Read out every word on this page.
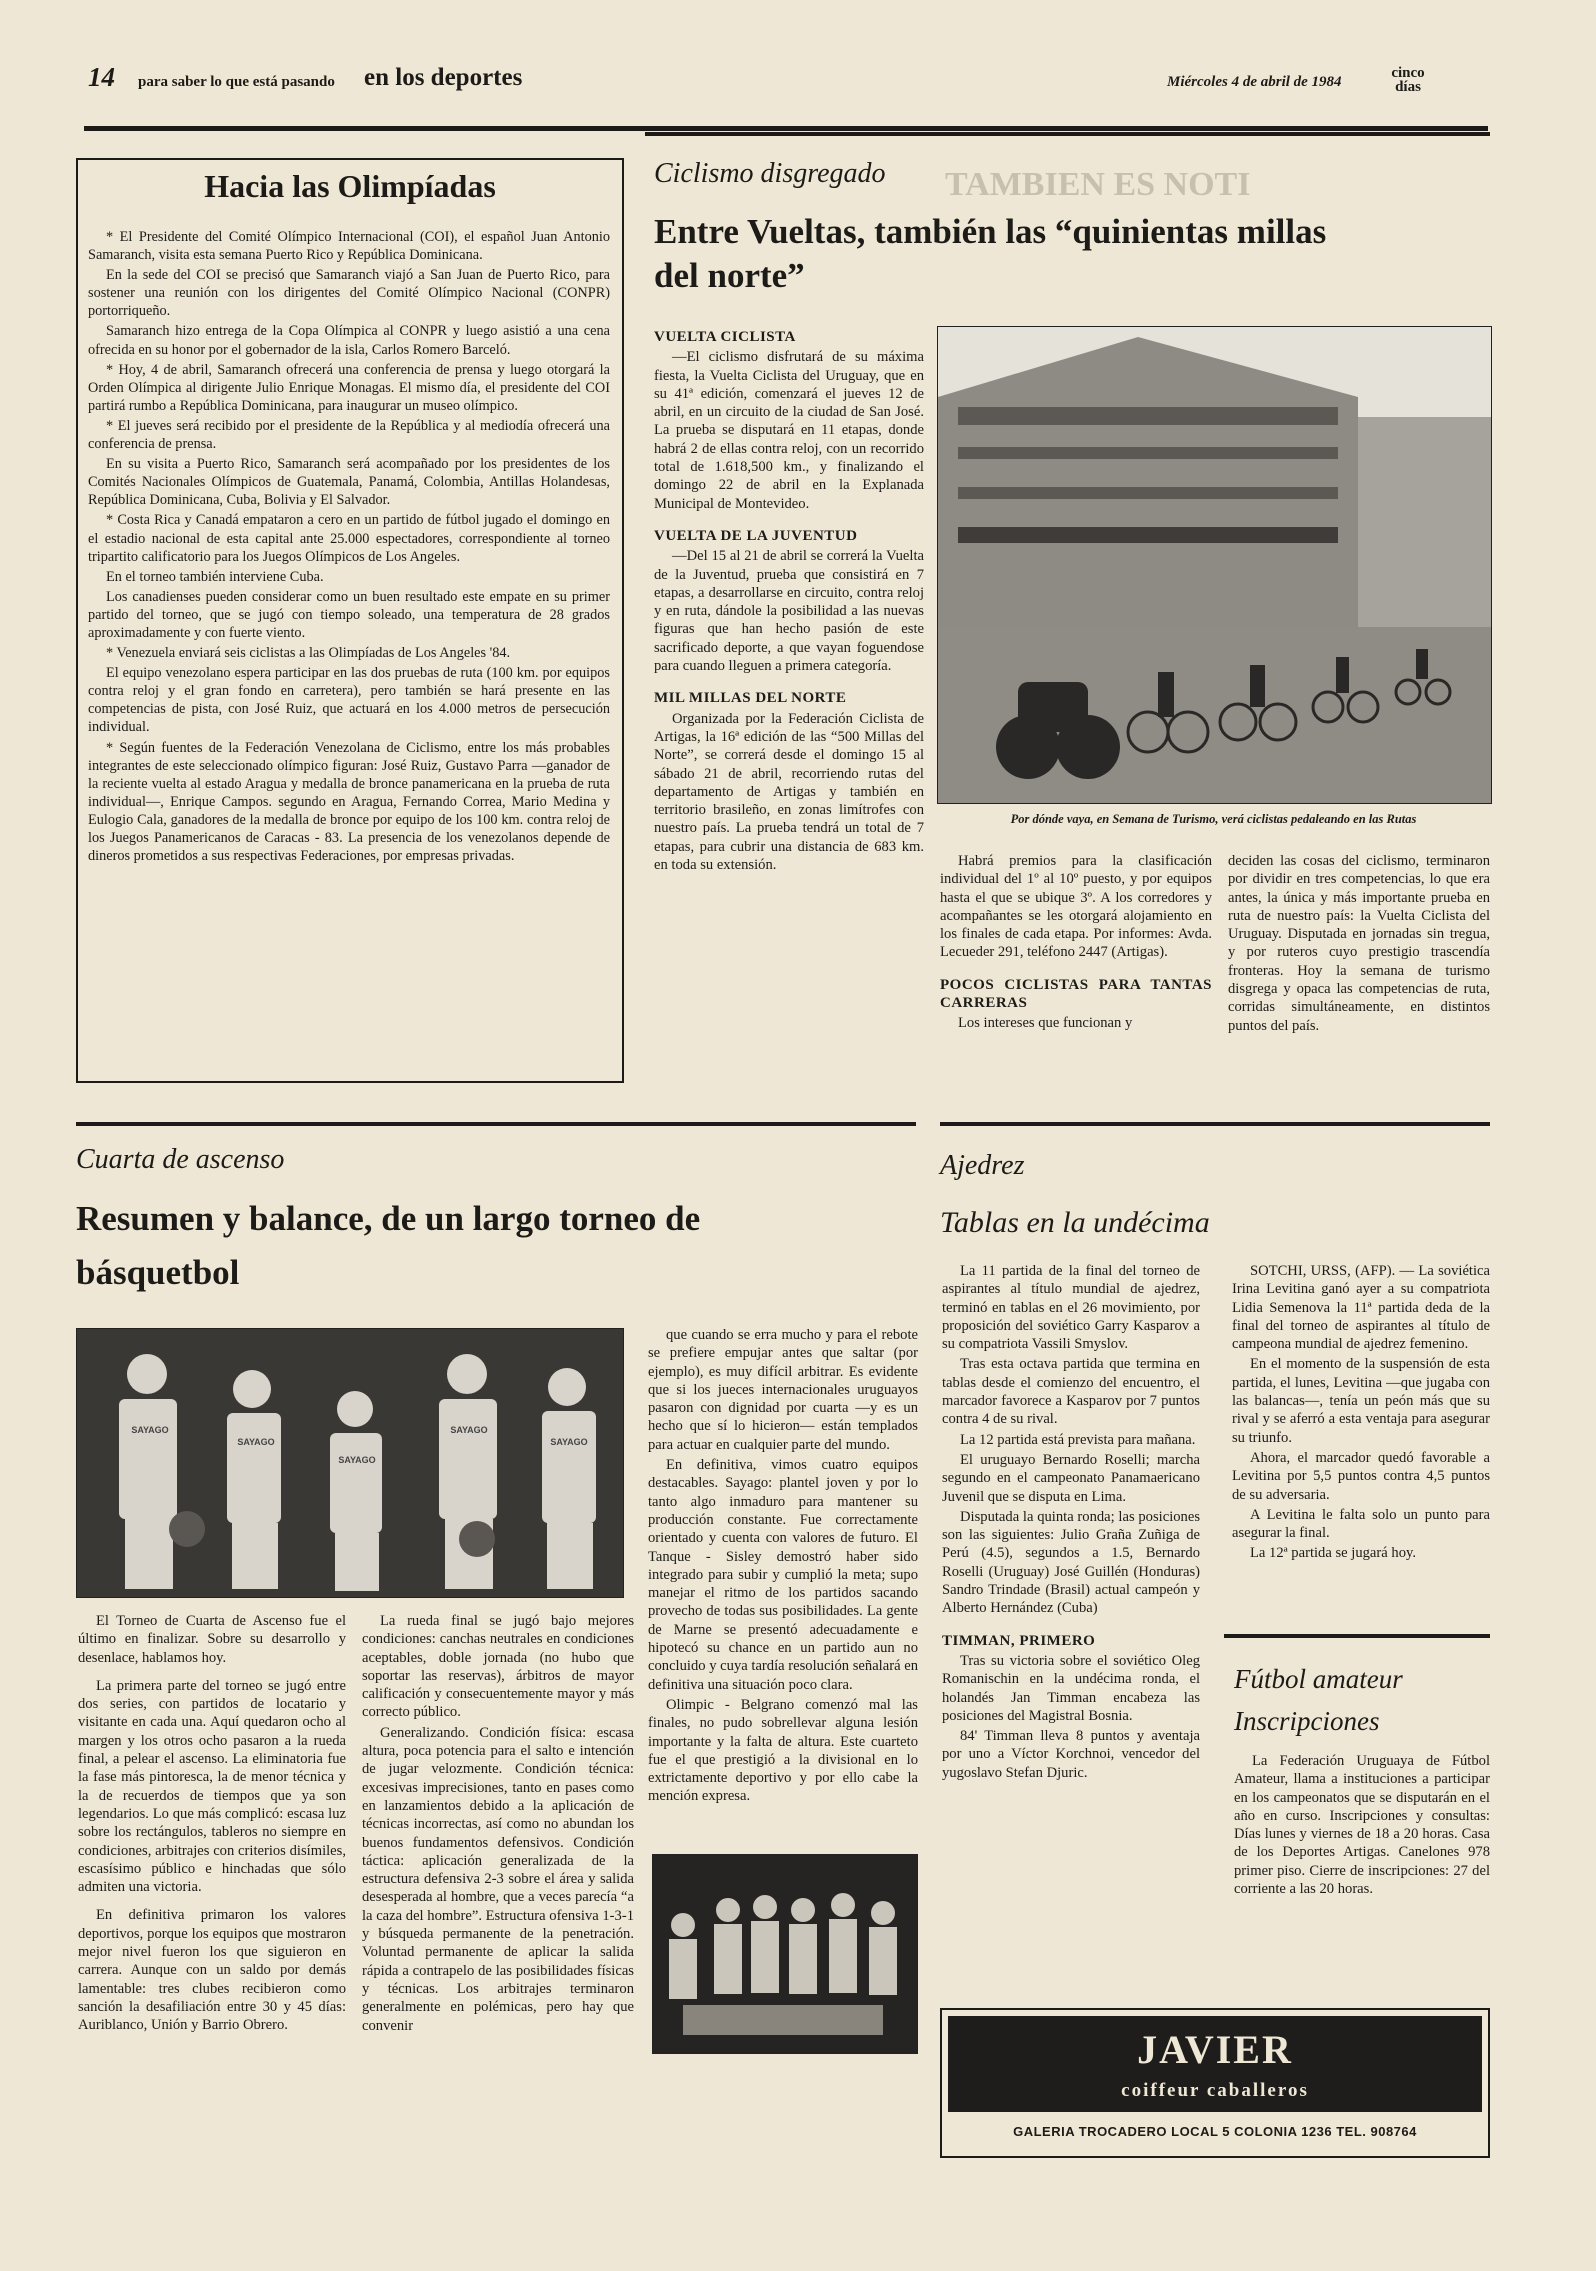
14 para saber lo que está pasando en los deportes	Miércoles 4 de abril de 1984
cinco días
Hacia las Olimpíadas

* El Presidente del Comité Olímpico Internacional (COI), el español Juan Antonio Samaranch, visita esta semana Puerto Rico y República Dominicana.

En la sede del COI se precisó que Samaranch viajó a San Juan de Puerto Rico, para sostener una reunión con los dirigentes del Comité Olímpico Nacional (CONPR) portorriqueño.

Samaranch hizo entrega de la Copa Olímpica al CONPR y luego asistió a una cena ofrecida en su honor por el gobernador de la isla, Carlos Romero Barceló.

* Hoy, 4 de abril, Samaranch ofrecerá una conferencia de prensa y luego otorgará la Orden Olímpica al dirigente Julio Enrique Monagas. El mismo día, el presidente del COI partirá rumbo a República Dominicana, para inaugurar un museo olímpico.

* El jueves será recibido por el presidente de la República y al mediodía ofrecerá una conferencia de prensa.

En su visita a Puerto Rico, Samaranch será acompañado por los presidentes de los Comités Nacionales Olímpicos de Guatemala, Panamá, Colombia, Antillas Holandesas, República Dominicana, Cuba, Bolivia y El Salvador.

* Costa Rica y Canadá empataron a cero en un partido de fútbol jugado el domingo en el estadio nacional de esta capital ante 25.000 espectadores, correspondiente al torneo tripartito calificatorio para los Juegos Olímpicos de Los Angeles.

En el torneo también interviene Cuba.

Los canadienses pueden considerar como un buen resultado este empate en su primer partido del torneo, que se jugó con tiempo soleado, una temperatura de 28 grados aproximadamente y con fuerte viento.

* Venezuela enviará seis ciclistas a las Olimpíadas de Los Angeles '84.

El equipo venezolano espera participar en las dos pruebas de ruta (100 km. por equipos contra reloj y el gran fondo en carretera), pero también se hará presente en las competencias de pista, con José Ruiz, que actuará en los 4.000 metros de persecución individual.

* Según fuentes de la Federación Venezolana de Ciclismo, entre los más probables integrantes de este seleccionado olímpico figuran: José Ruiz, Gustavo Parra —ganador de la reciente vuelta al estado Aragua y medalla de bronce panamericana en la prueba de ruta individual—, Enrique Campos. segundo en Aragua, Fernando Correa, Mario Medina y Eulogio Cala, ganadores de la medalla de bronce por equipo de los 100 km. contra reloj de los Juegos Panamericanos de Caracas - 83. La presencia de los venezolanos depende de dineros prometidos a sus respectivas Federaciones, por empresas privadas.

Ciclismo disgregado
Entre Vueltas, también las “quinientas millas del norte”
TAMBIEN ES NOTI

VUELTA CICLISTA

—El ciclismo disfrutará de su máxima fiesta, la Vuelta Ciclista del Uruguay, que en su 41ª edición, comenzará el jueves 12 de abril, en un circuito de la ciudad de San José. La prueba se disputará en 11 etapas, donde habrá 2 de ellas contra reloj, con un recorrido total de 1.618,500 km., y finalizando el domingo 22 de abril en la Explanada Municipal de Montevideo.

VUELTA DE LA JUVENTUD

—Del 15 al 21 de abril se correrá la Vuelta de la Juventud, prueba que consistirá en 7 etapas, a desarrollarse en circuito, contra reloj y en ruta, dándole la posibilidad a las nuevas figuras que han hecho pasión de este sacrificado deporte, a que vayan foguendose para cuando lleguen a primera categoría.

MIL MILLAS DEL NORTE

Organizada por la Federación Ciclista de Artigas, la 16ª edición de las “500 Millas del Norte”, se correrá desde el domingo 15 al sábado 21 de abril, recorriendo rutas del departamento de Artigas y también en territorio brasileño, en zonas limítrofes con nuestro país. La prueba tendrá un total de 7 etapas, para cubrir una distancia de 683 km. en toda su extensión.

Por dónde vaya, en Semana de Turismo, verá ciclistas pedaleando en las Rutas

Habrá premios para la clasificación individual del 1º al 10º puesto, y por equipos hasta el que se ubique 3º. A los corredores y acompañantes se les otorgará alojamiento en los finales de cada etapa. Por informes: Avda. Lecueder 291, teléfono 2447 (Artigas).

POCOS CICLISTAS PARA TANTAS CARRERAS

Los intereses que funcionan y

deciden las cosas del ciclismo, terminaron por dividir en tres competencias, lo que era antes, la única y más importante prueba en ruta de nuestro país: la Vuelta Ciclista del Uruguay. Disputada en jornadas sin tregua, y por ruteros cuyo prestigio trascendía fronteras. Hoy la semana de turismo disgrega y opaca las competencias de ruta, corridas simultáneamente, en distintos puntos del país.

Cuarta de ascenso
Resumen y balance, de un largo torneo de básquetbol
SAYAGO
SAYAGO
SAYAGO
SAYAGO
SAYAGO

El Torneo de Cuarta de Ascenso fue el último en finalizar. Sobre su desarrollo y desenlace, hablamos hoy.

La primera parte del torneo se jugó entre dos series, con partidos de locatario y visitante en cada una. Aquí quedaron ocho al margen y los otros ocho pasaron a la rueda final, a pelear el ascenso. La eliminatoria fue la fase más pintoresca, la de menor técnica y la de recuerdos de tiempos que ya son legendarios. Lo que más complicó: escasa luz sobre los rectángulos, tableros no siempre en condiciones, arbitrajes con criterios disímiles, escasísimo público e hinchadas que sólo admiten una victoria.

En definitiva primaron los valores deportivos, porque los equipos que mostraron mejor nivel fueron los que siguieron en carrera. Aunque con un saldo por demás lamentable: tres clubes recibieron como sanción la desafiliación entre 30 y 45 días: Auriblanco, Unión y Barrio Obrero.

La rueda final se jugó bajo mejores condiciones: canchas neutrales en condiciones aceptables, doble jornada (no hubo que soportar las reservas), árbitros de mayor calificación y consecuentemente mayor y más correcto público.

Generalizando. Condición física: escasa altura, poca potencia para el salto e intención de jugar velozmente. Condición técnica: excesivas imprecisiones, tanto en pases como en lanzamientos debido a la aplicación de técnicas incorrectas, así como no abundan los buenos fundamentos defensivos. Condición táctica: aplicación generalizada de la estructura defensiva 2-3 sobre el área y salida desesperada al hombre, que a veces parecía “a la caza del hombre”. Estructura ofensiva 1-3-1 y búsqueda permanente de la penetración. Voluntad permanente de aplicar la salida rápida a contrapelo de las posibilidades físicas y técnicas. Los arbitrajes terminaron generalmente en polémicas, pero hay que convenir

que cuando se erra mucho y para el rebote se prefiere empujar antes que saltar (por ejemplo), es muy difícil arbitrar. Es evidente que si los jueces internacionales uruguayos pasaron con dignidad por cuarta —y es un hecho que sí lo hicieron— están templados para actuar en cualquier parte del mundo.

En definitiva, vimos cuatro equipos destacables. Sayago: plantel joven y por lo tanto algo inmaduro para mantener su producción constante. Fue correctamente orientado y cuenta con valores de futuro. El Tanque - Sisley demostró haber sido integrado para subir y cumplió la meta; supo manejar el ritmo de los partidos sacando provecho de todas sus posibilidades. La gente de Marne se presentó adecuadamente e hipotecó su chance en un partido aun no concluido y cuya tardía resolución señalará en definitiva una situación poco clara.

Olimpic - Belgrano comenzó mal las finales, no pudo sobrellevar alguna lesión importante y la falta de altura. Este cuarteto fue el que prestigió a la divisional en lo extrictamente deportivo y por ello cabe la mención expresa.

Ajedrez
Tablas en la undécima

La 11 partida de la final del torneo de aspirantes al título mundial de ajedrez, terminó en tablas en el 26 movimiento, por proposición del soviético Garry Kasparov a su compatriota Vassili Smyslov.

Tras esta octava partida que termina en tablas desde el comienzo del encuentro, el marcador favorece a Kasparov por 7 puntos contra 4 de su rival.

La 12 partida está prevista para mañana.

El uruguayo Bernardo Roselli; marcha segundo en el campeonato Panamaericano Juvenil que se disputa en Lima.

Disputada la quinta ronda; las posiciones son las siguientes: Julio Graña Zuñiga de Perú (4.5), segundos a 1.5, Bernardo Roselli (Uruguay) José Guillén (Honduras) Sandro Trindade (Brasil) actual campeón y Alberto Hernández (Cuba)

TIMMAN, PRIMERO

Tras su victoria sobre el soviético Oleg Romanischin en la undécima ronda, el holandés Jan Timman encabeza las posiciones del Magistral Bosnia.

84' Timman lleva 8 puntos y aventaja por uno a Víctor Korchnoi, vencedor del yugoslavo Stefan Djuric.

SOTCHI, URSS, (AFP). — La soviética Irina Levitina ganó ayer a su compatriota Lidia Semenova la 11ª partida deda de la final del torneo de aspirantes al título de campeona mundial de ajedrez femenino.

En el momento de la suspensión de esta partida, el lunes, Levitina —que jugaba con las balancas—, tenía un peón más que su rival y se aferró a esta ventaja para asegurar su triunfo.

Ahora, el marcador quedó favorable a Levitina por 5,5 puntos contra 4,5 puntos de su adversaria.

A Levitina le falta solo un punto para asegurar la final.

La 12ª partida se jugará hoy.

Fútbol amateur
Inscripciones
La Federación Uruguaya de Fútbol Amateur, llama a instituciones a participar en los campeonatos que se disputarán en el año en curso. Inscripciones y consultas: Días lunes y viernes de 18 a 20 horas. Casa de los Deportes Artigas. Canelones 978 primer piso. Cierre de inscripciones: 27 del corriente a las 20 horas.
JAVIER
coiffeur caballeros
GALERIA TROCADERO LOCAL 5 COLONIA 1236 TEL. 908764
